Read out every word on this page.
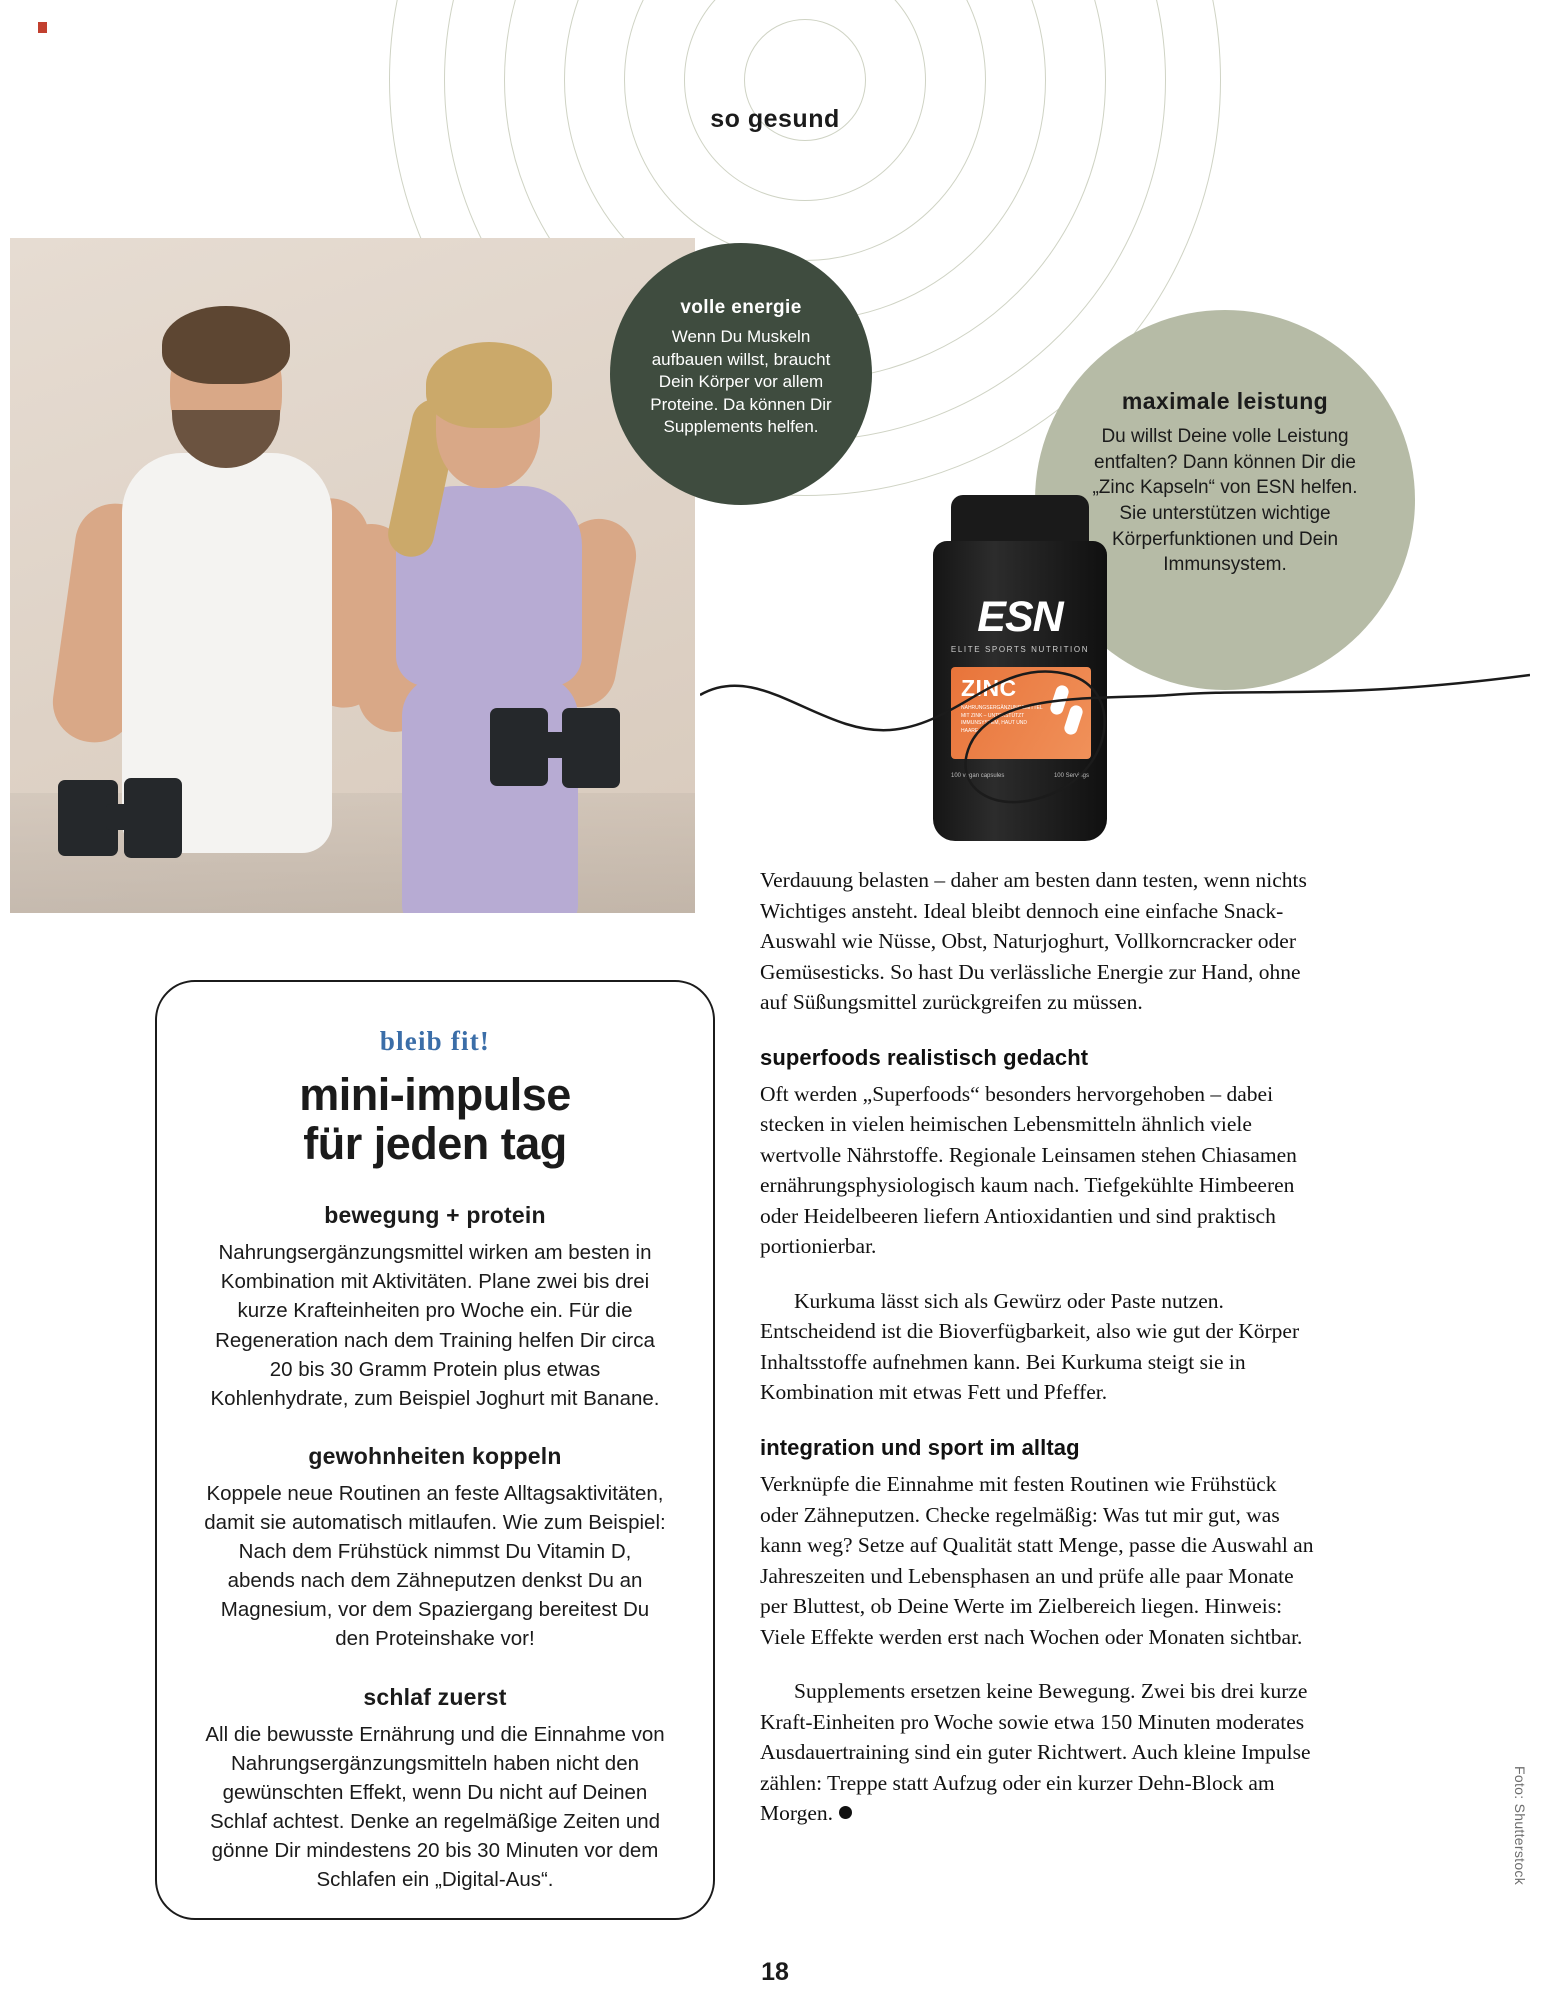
so gesund
volle energie
Wenn Du Muskeln aufbauen willst, braucht Dein Körper vor allem Proteine. Da können Dir Supplements helfen.
maximale leistung
Du willst Deine volle Leistung entfalten? Dann können Dir die „Zinc Kapseln“ von ESN helfen. Sie unterstützen wichtige Körperfunktionen und Dein Immunsystem.
ESN
ELITE SPORTS NUTRITION
ZINC
NAHRUNGSERGÄNZUNGSMITTEL MIT ZINK – UNTERSTÜTZT IMMUNSYSTEM, HAUT UND HAARE
100 vegan capsules	100 Servings
bleib fit!
mini-impulse
für jeden tag
bewegung + protein

Nahrungsergänzungsmittel wirken am besten in Kombination mit Aktivitäten. Plane zwei bis drei kurze Krafteinheiten pro Woche ein. Für die Regeneration nach dem Training helfen Dir circa 20 bis 30 Gramm Protein plus etwas Kohlenhydrate, zum Beispiel Joghurt mit Banane.

gewohnheiten koppeln

Koppele neue Routinen an feste Alltagsaktivitäten, damit sie automatisch mitlaufen. Wie zum Beispiel: Nach dem Frühstück nimmst Du Vitamin D, abends nach dem Zähneputzen denkst Du an Magnesium, vor dem Spaziergang bereitest Du den Proteinshake vor!

schlaf zuerst

All die bewusste Ernährung und die Einnahme von Nahrungsergänzungsmitteln haben nicht den gewünschten Effekt, wenn Du nicht auf Deinen Schlaf achtest. Denke an regelmäßige Zeiten und gönne Dir mindestens 20 bis 30 Minuten vor dem Schlafen ein „Digital-Aus“.

Verdauung belasten – daher am besten dann testen, wenn nichts Wichtiges ansteht. Ideal bleibt dennoch eine einfache Snack-Auswahl wie Nüsse, Obst, Naturjoghurt, Vollkorncracker oder Gemüsesticks. So hast Du verlässliche Energie zur Hand, ohne auf Süßungsmittel zurückgreifen zu müssen.

superfoods realistisch gedacht

Oft werden „Superfoods“ besonders hervorgehoben – dabei stecken in vielen heimischen Lebensmitteln ähnlich viele wertvolle Nährstoffe. Regionale Leinsamen stehen Chiasamen ernährungsphysiologisch kaum nach. Tiefgekühlte Himbeeren oder Heidelbeeren liefern Antioxidantien und sind praktisch portionierbar.

Kurkuma lässt sich als Gewürz oder Paste nutzen. Entscheidend ist die Bioverfügbarkeit, also wie gut der Körper Inhaltsstoffe aufnehmen kann. Bei Kurkuma steigt sie in Kombination mit etwas Fett und Pfeffer.

integration und sport im alltag

Verknüpfe die Einnahme mit festen Routinen wie Frühstück oder Zähneputzen. Checke regelmäßig: Was tut mir gut, was kann weg? Setze auf Qualität statt Menge, passe die Auswahl an Jahreszeiten und Lebensphasen an und prüfe alle paar Monate per Bluttest, ob Deine Werte im Zielbereich liegen. Hinweis: Viele Effekte werden erst nach Wochen oder Monaten sichtbar.

Supplements ersetzen keine Bewegung. Zwei bis drei kurze Kraft-Einheiten pro Woche sowie etwa 150 Minuten moderates Ausdauertraining sind ein guter Richtwert. Auch kleine Impulse zählen: Treppe statt Aufzug oder ein kurzer Dehn-Block am Morgen.	Foto: Shutterstock
18
